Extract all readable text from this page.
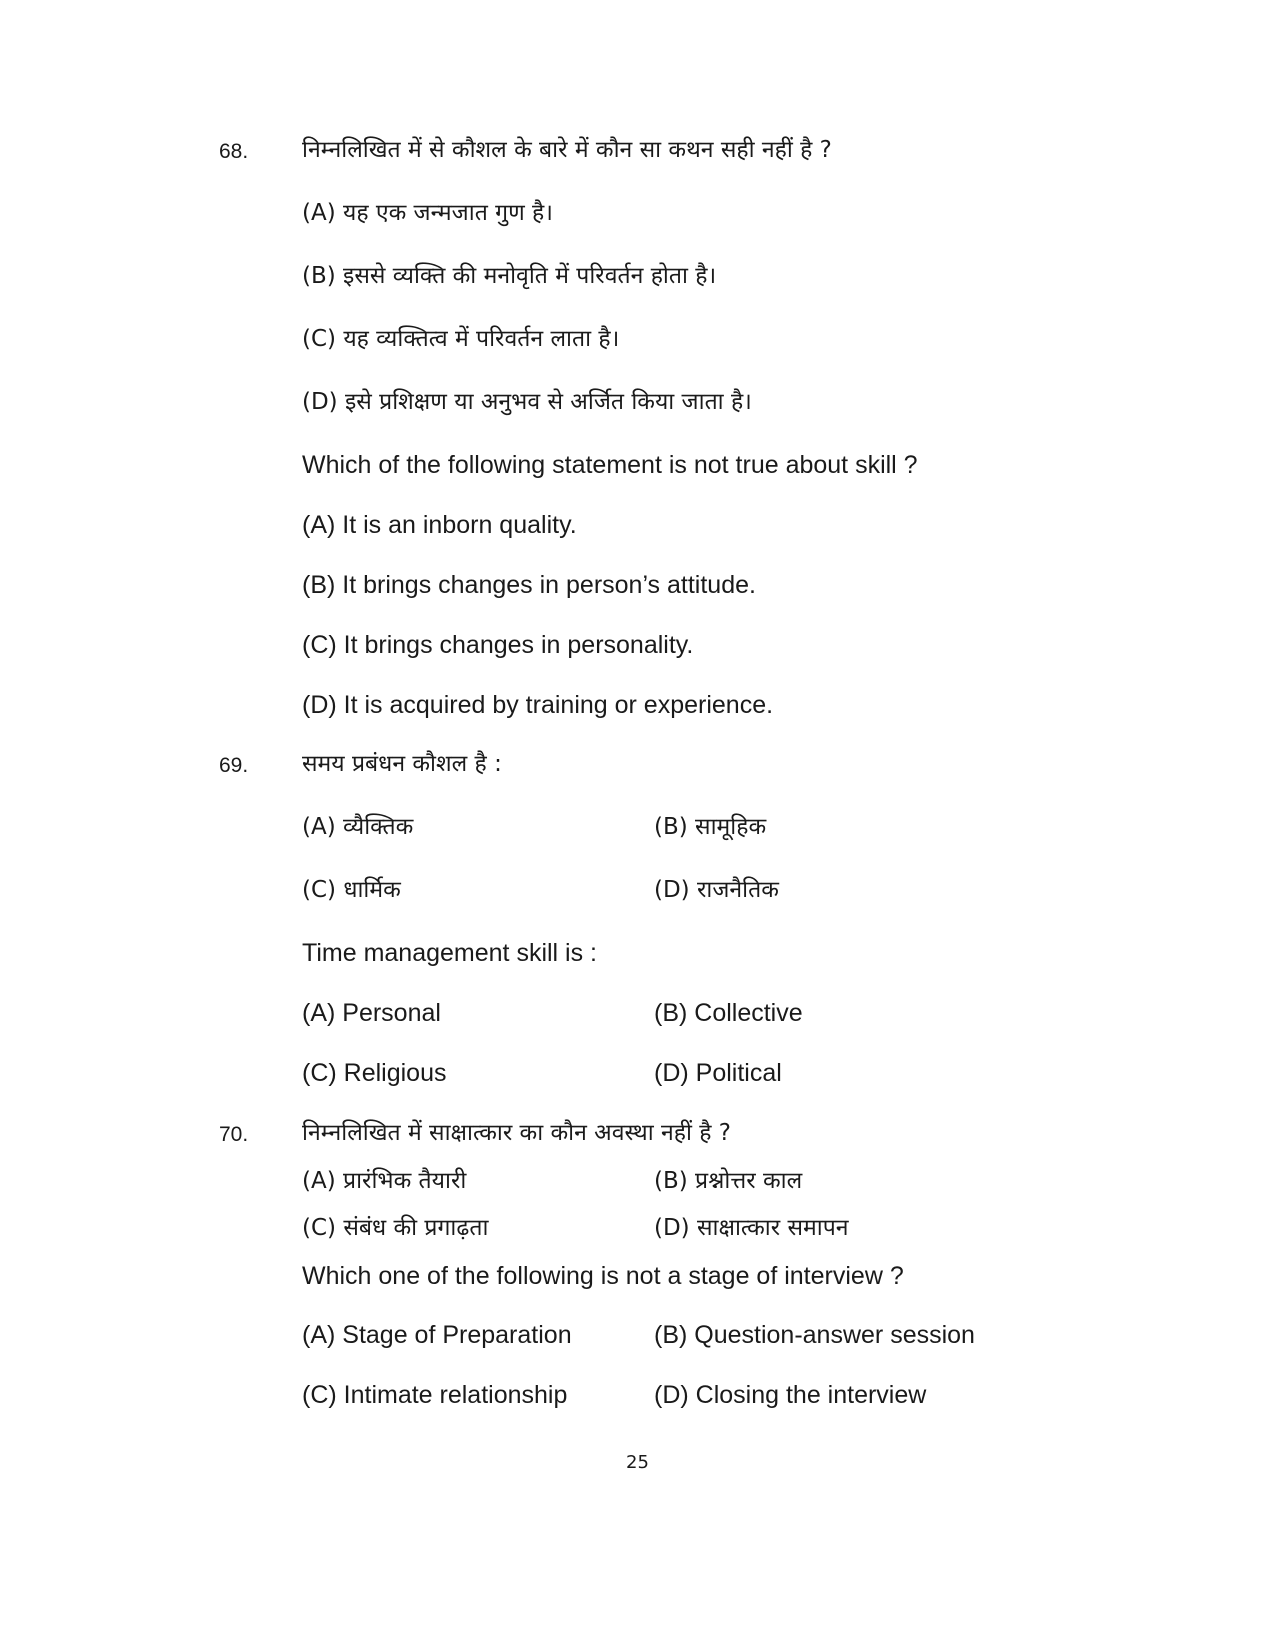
68. निम्नलिखित में से कौशल के बारे में कौन सा कथन सही नहीं है ?
(A) यह एक जन्मजात गुण है।
(B) इससे व्यक्ति की मनोवृति में परिवर्तन होता है।
(C) यह व्यक्तित्व में परिवर्तन लाता है।
(D) इसे प्रशिक्षण या अनुभव से अर्जित किया जाता है।
Which of the following statement is not true about skill ?
(A) It is an inborn quality.
(B) It brings changes in person’s attitude.
(C) It brings changes in personality.
(D) It is acquired by training or experience.
69. समय प्रबंधन कौशल है :
(A) व्यैक्तिक	(B) सामूहिक
(C) धार्मिक	(D) राजनैतिक
Time management skill is :
(A) Personal	(B) Collective
(C) Religious	(D) Political
70. निम्नलिखित में साक्षात्कार का कौन अवस्था नहीं है ?
(A) प्रारंभिक तैयारी	(B) प्रश्नोत्तर काल
(C) संबंध की प्रगाढ़ता	(D) साक्षात्कार समापन
Which one of the following is not a stage of interview ?
(A) Stage of Preparation	(B) Question-answer session
(C) Intimate relationship	(D) Closing the interview
25
